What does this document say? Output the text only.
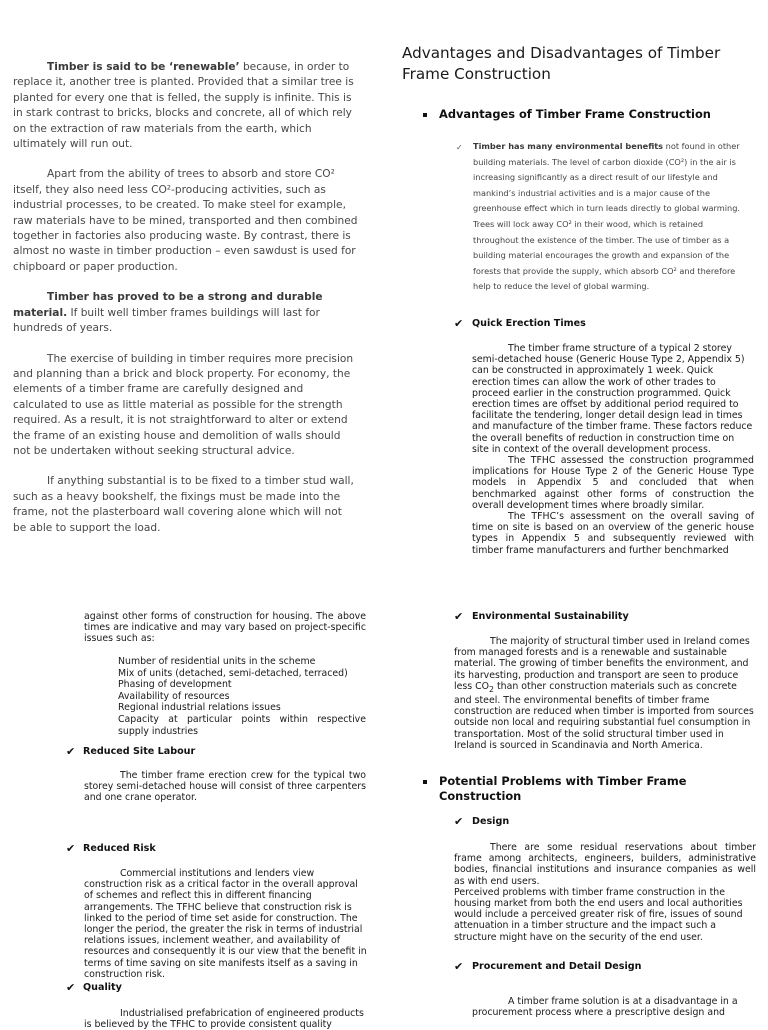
Timber is said to be ‘renewable’ because, in order to replace it, another tree is planted. Provided that a similar tree is planted for every one that is felled, the supply is infinite. This is in stark contrast to bricks, blocks and concrete, all of which rely on the extraction of raw materials from the earth, which ultimately will run out.

Apart from the ability of trees to absorb and store CO² itself, they also need less CO²-producing activities, such as industrial processes, to be created. To make steel for example, raw materials have to be mined, transported and then combined together in factories also producing waste. By contrast, there is almost no waste in timber production – even sawdust is used for chipboard or paper production.

Timber has proved to be a strong and durable material. If built well timber frames buildings will last for hundreds of years.

The exercise of building in timber requires more precision and planning than a brick and block property. For economy, the elements of a timber frame are carefully designed and calculated to use as little material as possible for the strength required. As a result, it is not straightforward to alter or extend the frame of an existing house and demolition of walls should not be undertaken without seeking structural advice.

If anything substantial is to be fixed to a timber stud wall, such as a heavy bookshelf, the fixings must be made into the frame, not the plasterboard wall covering alone which will not be able to support the load.

Advantages and Disadvantages of Timber Frame Construction
Advantages of Timber Frame Construction
✓ Timber has many environmental benefits not found in other building materials. The level of carbon dioxide (CO²) in the air is increasing significantly as a direct result of our lifestyle and mankind’s industrial activities and is a major cause of the greenhouse effect which in turn leads directly to global warming. Trees will lock away CO² in their wood, which is retained throughout the existence of the timber. The use of timber as a building material encourages the growth and expansion of the forests that provide the supply, which absorb CO² and therefore help to reduce the level of global warming.

✔ Quick Erection Times

The timber frame structure of a typical 2 storey semi-detached house (Generic House Type 2, Appendix 5) can be constructed in approximately 1 week. Quick erection times can allow the work of other trades to proceed earlier in the construction programmed. Quick erection times are offset by additional period required to facilitate the tendering, longer detail design lead in times and manufacture of the timber frame. These factors reduce the overall benefits of reduction in construction time on site in context of the overall development process.

The TFHC assessed the construction programmed implications for House Type 2 of the Generic House Type models in Appendix 5 and concluded that when benchmarked against other forms of construction the overall development times where broadly similar.

The TFHC’s assessment on the overall saving of time on site is based on an overview of the generic house types in Appendix 5 and subsequently reviewed with timber frame manufacturers and further benchmarked

against other forms of construction for housing. The above times are indicative and may vary based on project-specific issues such as:

Number of residential units in the scheme
Mix of units (detached, semi-detached, terraced)
Phasing of development
Availability of resources
Regional industrial relations issues
Capacity at particular points within respective supply industries
✔ Reduced Site Labour

The timber frame erection crew for the typical two storey semi-detached house will consist of three carpenters and one crane operator.

✔ Reduced Risk

Commercial institutions and lenders view construction risk as a critical factor in the overall approval of schemes and reflect this in different financing arrangements. The TFHC believe that construction risk is linked to the period of time set aside for construction. The longer the period, the greater the risk in terms of industrial relations issues, inclement weather, and availability of resources and consequently it is our view that the benefit in terms of time saving on site manifests itself as a saving in construction risk.

✔ Quality

Industrialised prefabrication of engineered products is believed by the TFHC to provide consistent quality

✔ Environmental Sustainability

The majority of structural timber used in Ireland comes from managed forests and is a renewable and sustainable material. The growing of timber benefits the environment, and its harvesting, production and transport are seen to produce less $CO_2$ than other construction materials such as concrete and steel. The environmental benefits of timber frame construction are reduced when timber is imported from sources outside non local and requiring substantial fuel consumption in transportation. Most of the solid structural timber used in Ireland is sourced in Scandinavia and North America.

Potential Problems with Timber Frame Construction
✔ Design

There are some residual reservations about timber frame among architects, engineers, builders, administrative bodies, financial institutions and insurance companies as well as with end users.

Perceived problems with timber frame construction in the housing market from both the end users and local authorities would include a perceived greater risk of fire, issues of sound attenuation in a timber structure and the impact such a structure might have on the security of the end user.

✔ Procurement and Detail Design

A timber frame solution is at a disadvantage in a procurement process where a prescriptive design and
